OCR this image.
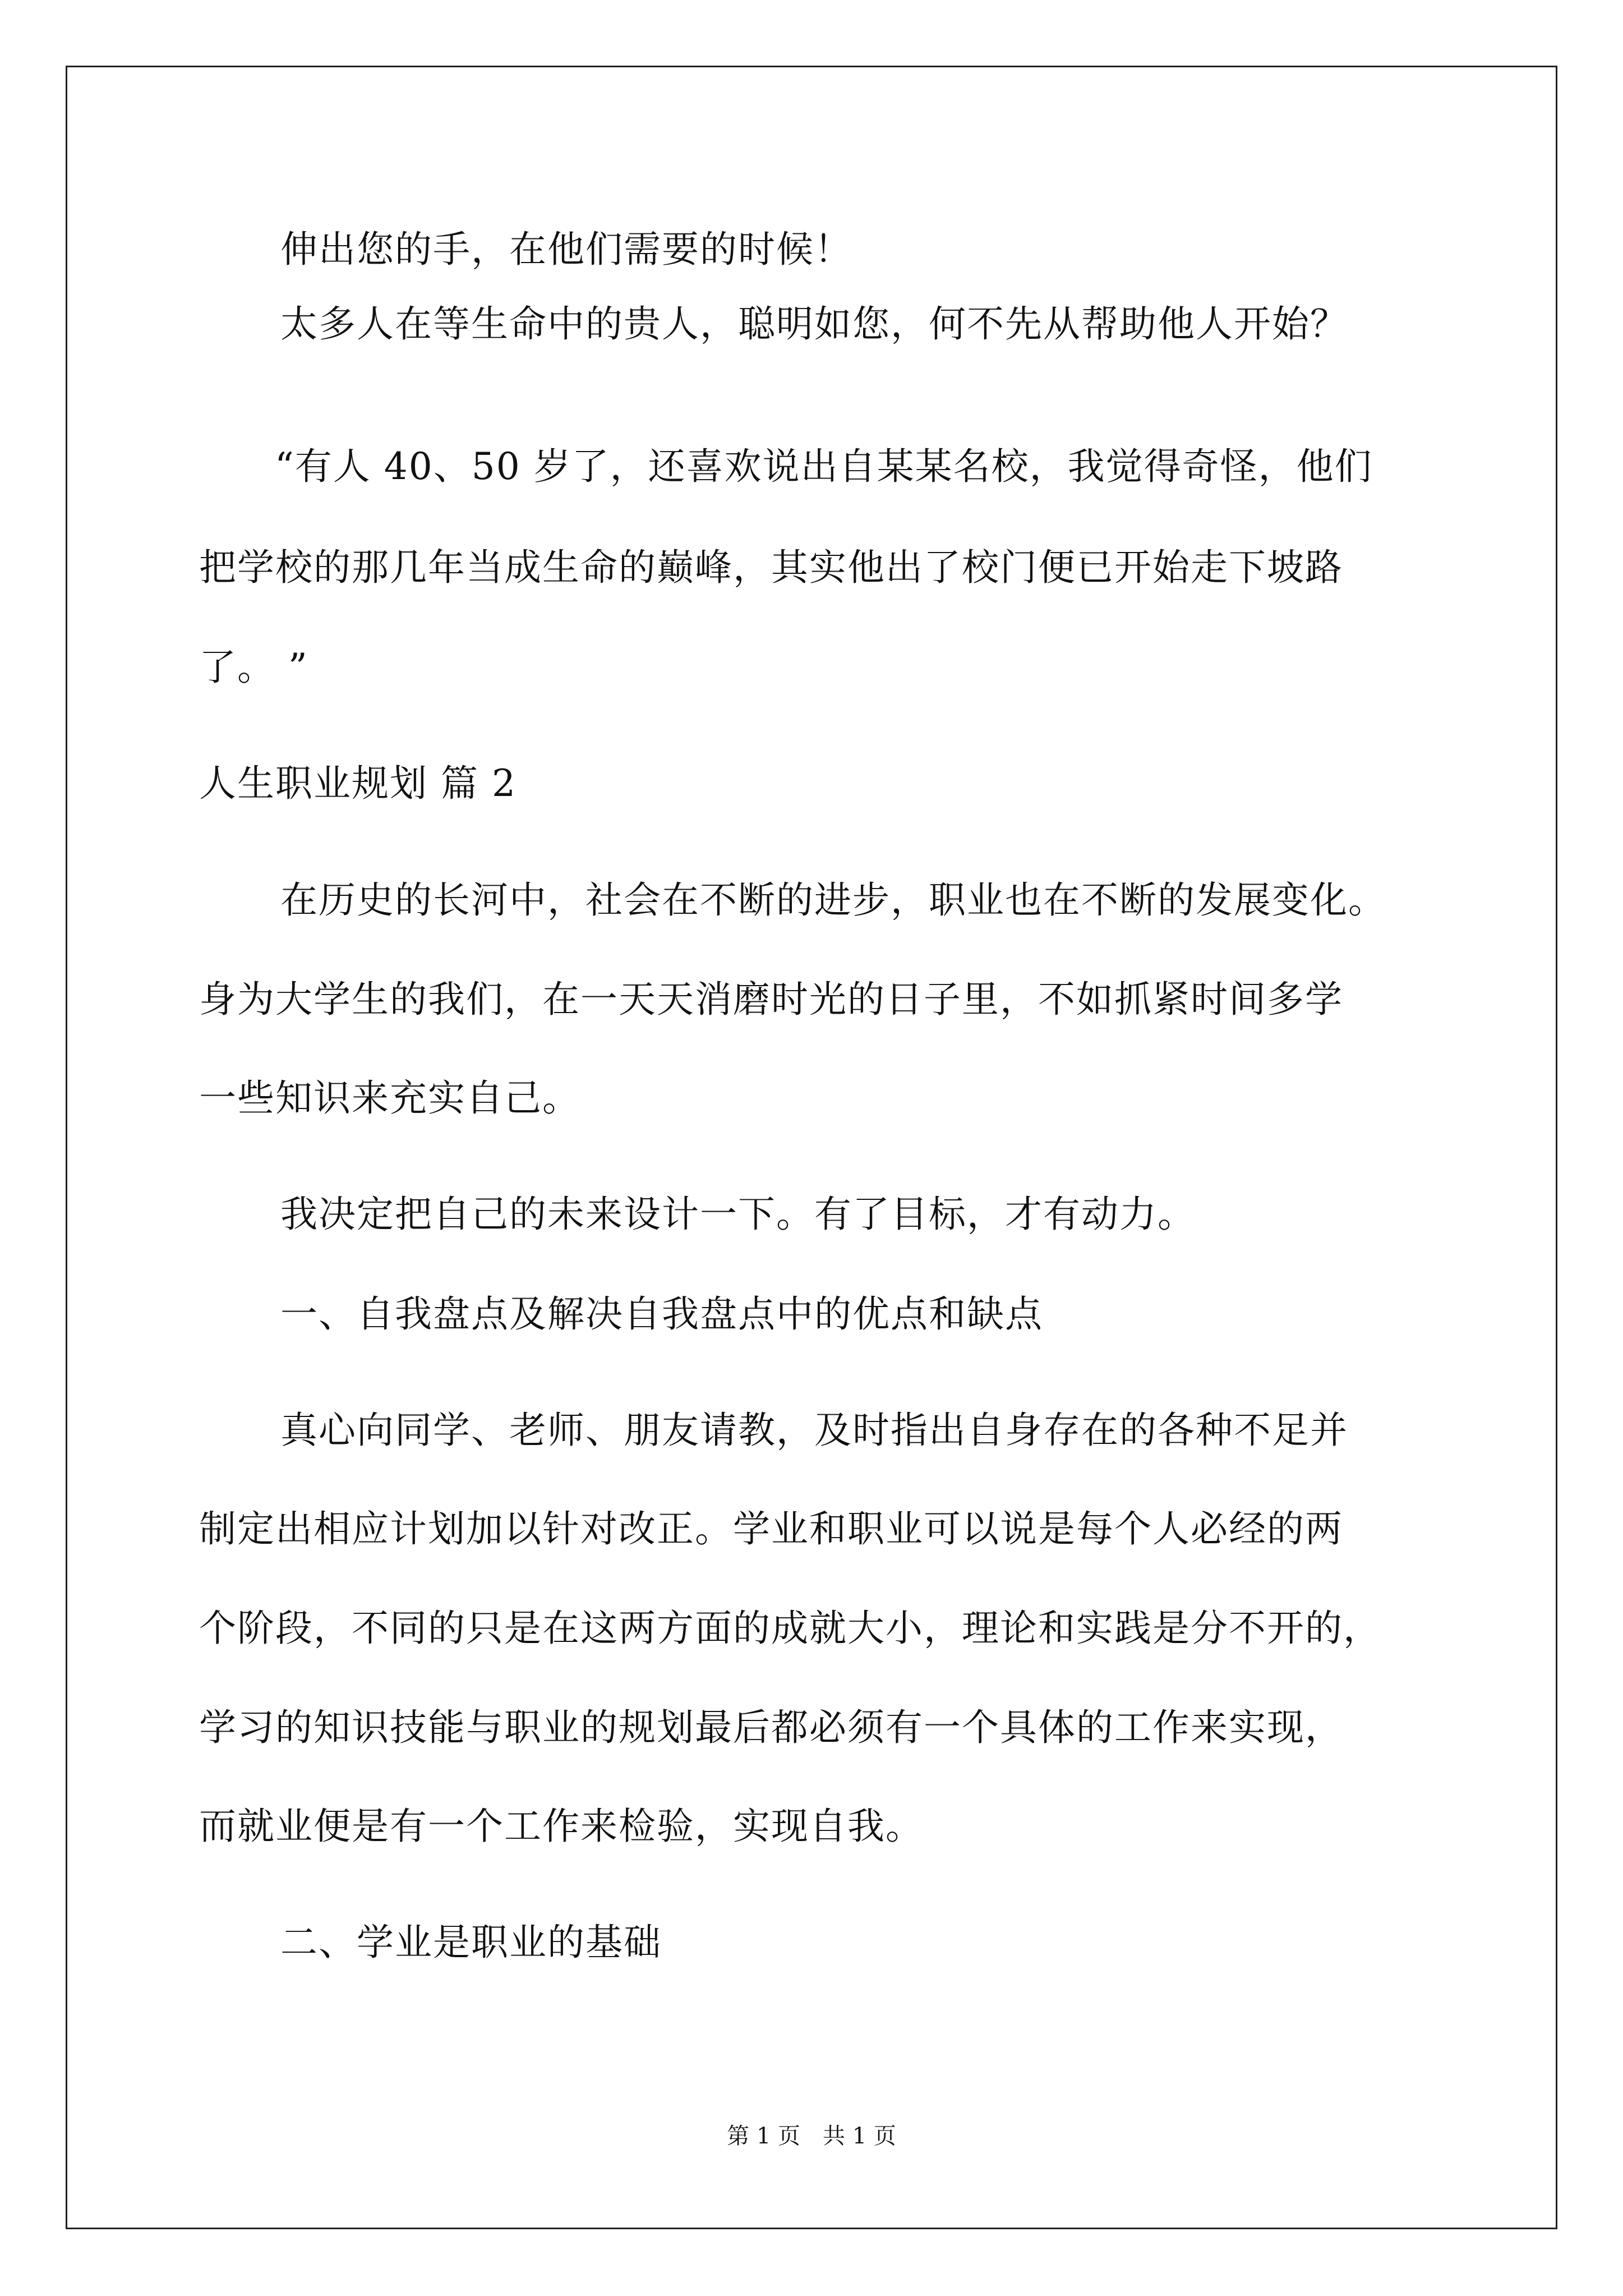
伸出您的手，在他们需要的时候！
太多人在等生命中的贵人，聪明如您，何不先从帮助他人开始？
“有人 40、50 岁了，还喜欢说出自某某名校，我觉得奇怪，他们
把学校的那几年当成生命的巅峰，其实他出了校门便已开始走下坡路
了。 ”
人生职业规划 篇 2
在历史的长河中，社会在不断的进步，职业也在不断的发展变化。
身为大学生的我们，在一天天消磨时光的日子里，不如抓紧时间多学
一些知识来充实自己。
我决定把自己的未来设计一下。有了目标，才有动力。
一、自我盘点及解决自我盘点中的优点和缺点
真心向同学、老师、朋友请教，及时指出自身存在的各种不足并
制定出相应计划加以针对改正。学业和职业可以说是每个人必经的两
个阶段，不同的只是在这两方面的成就大小，理论和实践是分不开的，
学习的知识技能与职业的规划最后都必须有一个具体的工作来实现，
而就业便是有一个工作来检验，实现自我。
二、学业是职业的基础
第 1 页 共 1 页
